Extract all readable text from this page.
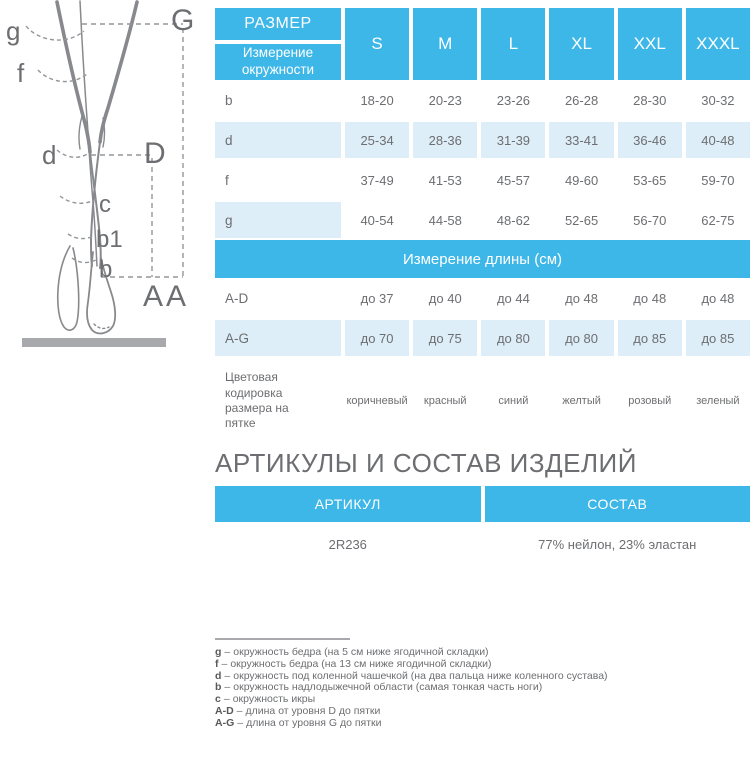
g
f
d
c
b1
b
G
D
AA
РАЗМЕР
Измерение окружности
S	M	L	XL	XXL	XXXL
b	18-20	20-23	23-26	26-28	28-30	30-32
d	25-34	28-36	31-39	33-41	36-46	40-48
f	37-49	41-53	45-57	49-60	53-65	59-70
g	40-54	44-58	48-62	52-65	56-70	62-75
Измерение длины (см)
A-D	до 37	до 40	до 44	до 48	до 48	до 48
A-G	до 70	до 75	до 80	до 80	до 85	до 85
Цветовая кодировка размера на пятке
коричневый	красный	синий	желтый	розовый	зеленый
АРТИКУЛЫ И СОСТАВ ИЗДЕЛИЙ
АРТИКУЛ	СОСТАВ
2R236	77% нейлон, 23% эластан
g – окружность бедра (на 5 см ниже ягодичной складки)
f – окружность бедра (на 13 см ниже ягодичной складки)
d – окружность под коленной чашечкой (на два пальца ниже коленного сустава)
b – окружность надлодыжечной области (самая тонкая часть ноги)
c – окружность икры
A-D – длина от уровня D до пятки
A-G – длина от уровня G до пятки
